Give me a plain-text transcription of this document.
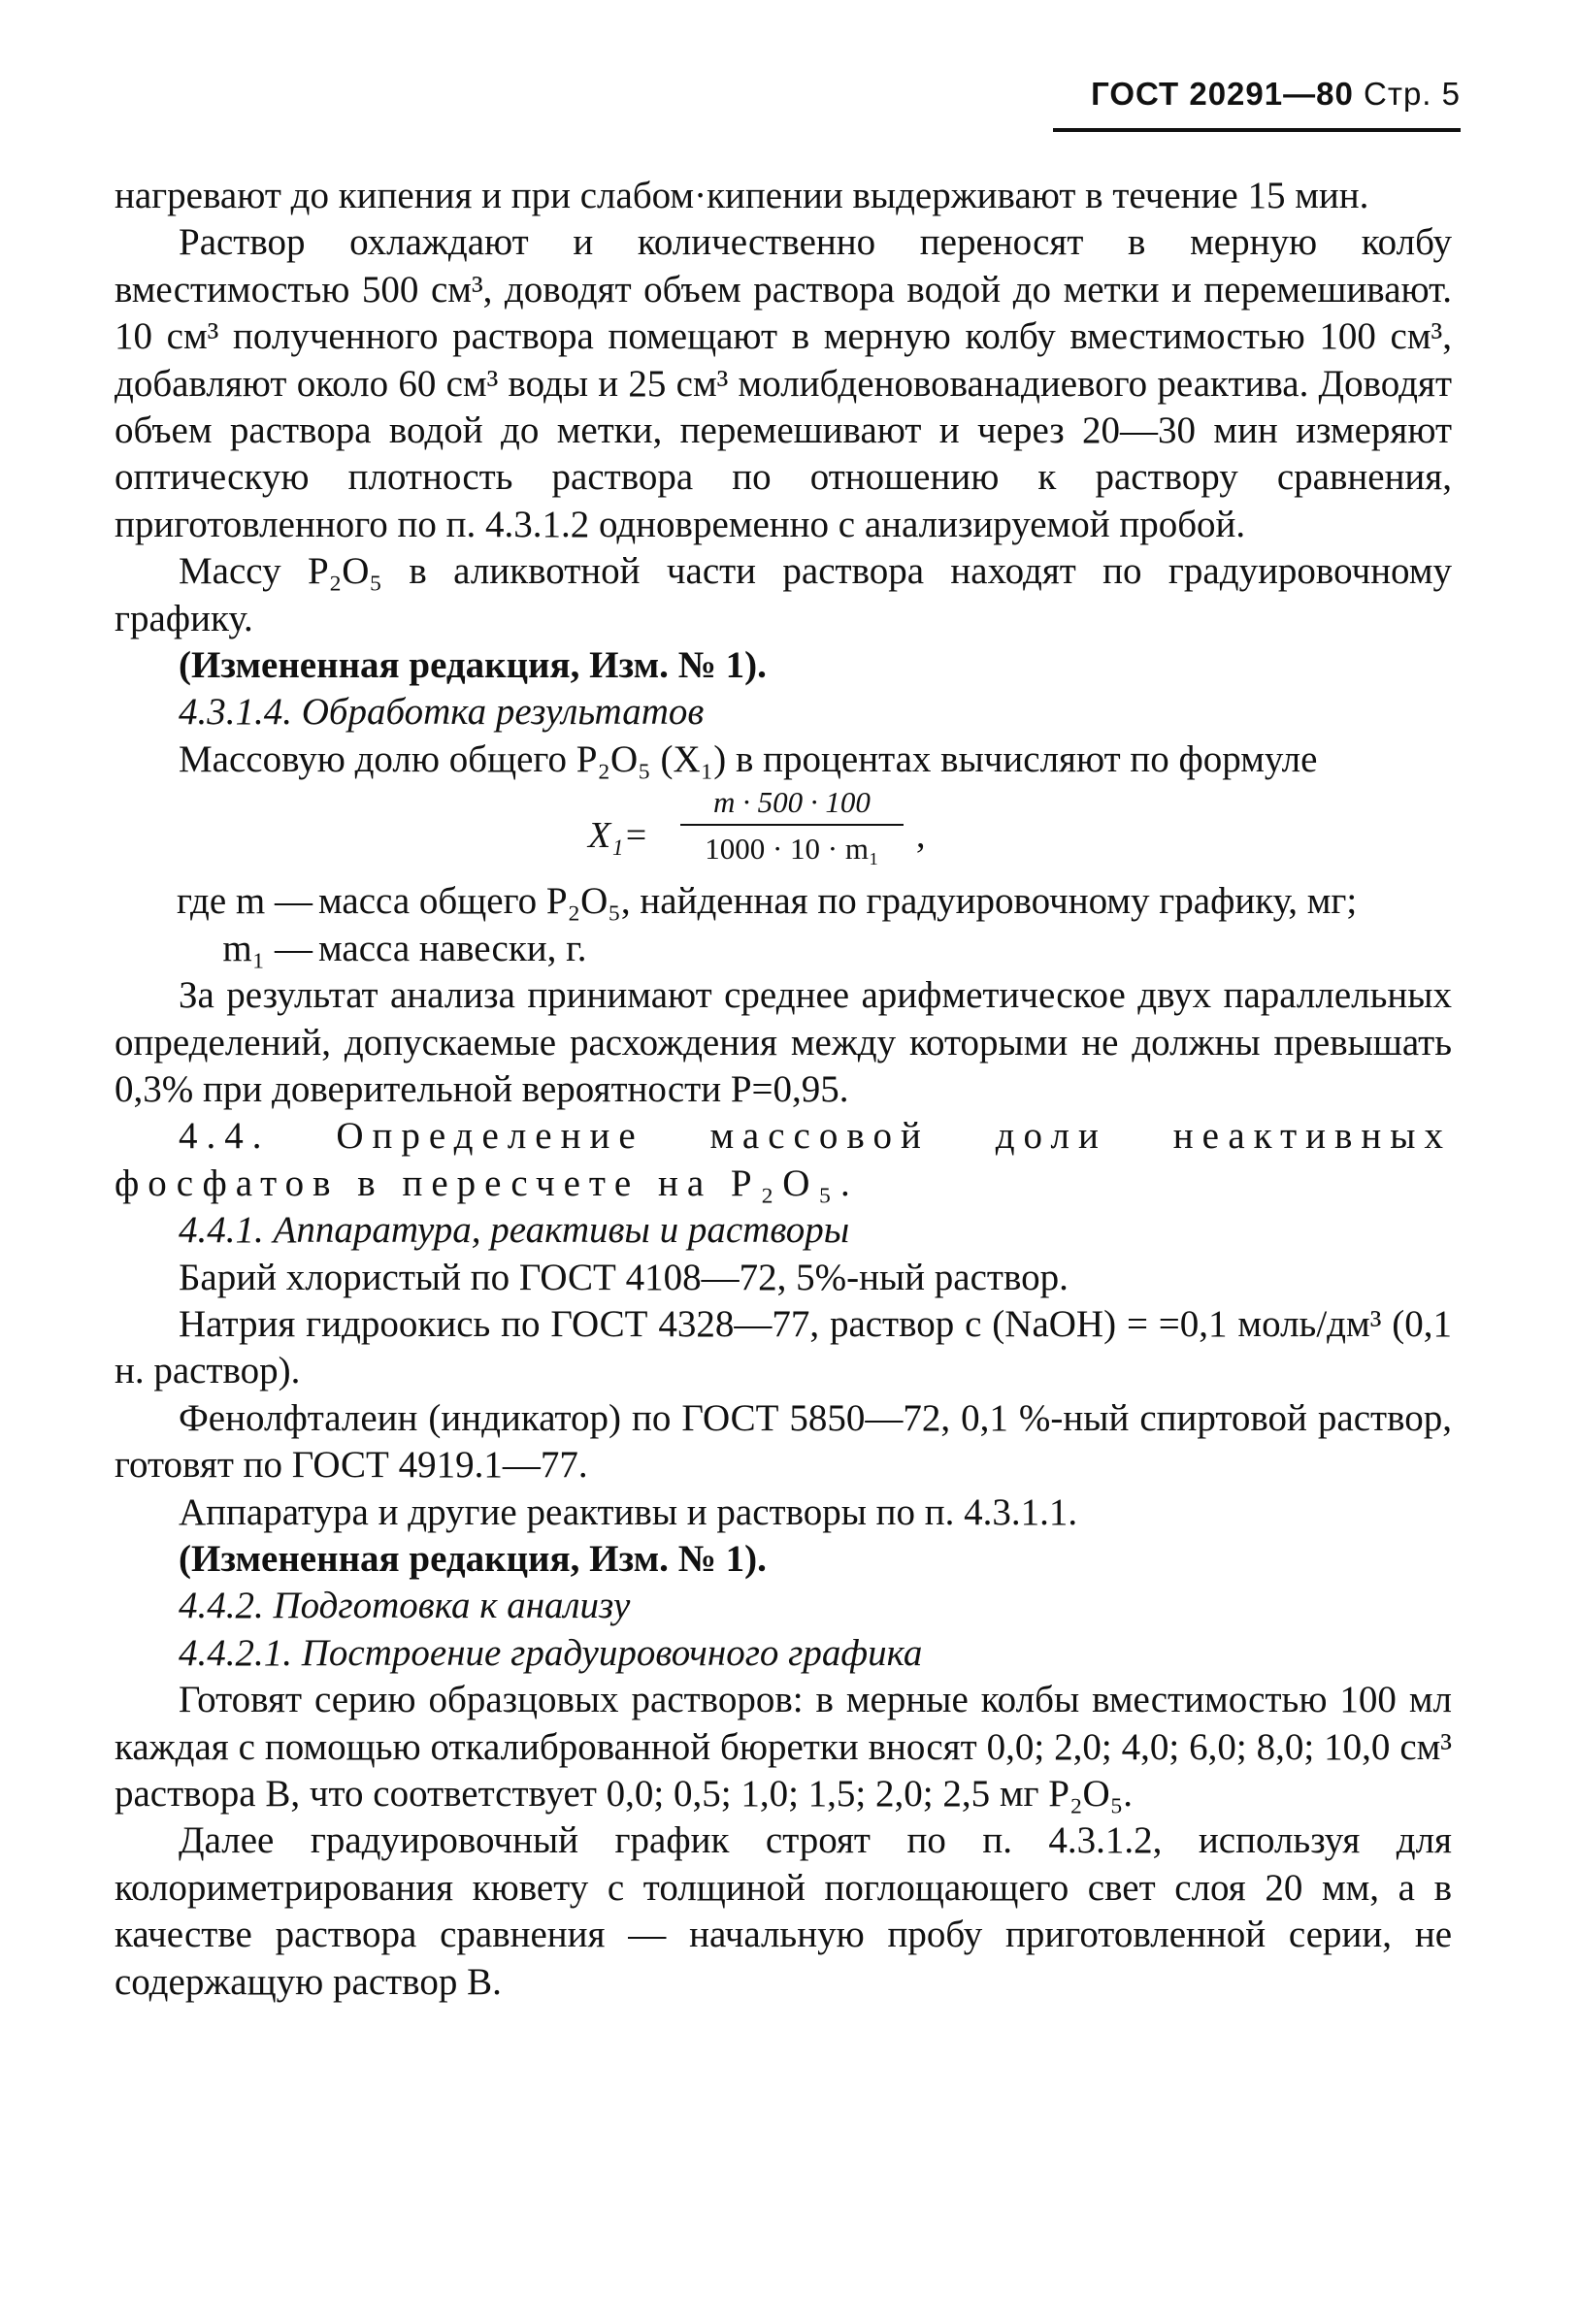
ГОСТ 20291—80 Стр. 5

нагревают до кипения и при слабом·кипении выдерживают в течение 15 мин.

Раствор охлаждают и количественно переносят в мерную колбу вместимостью 500 см³, доводят объем раствора водой до метки и перемешивают. 10 см³ полученного раствора помещают в мерную колбу вместимостью 100 см³, добавляют около 60 см³ воды и 25 см³ молибденовованадиевого реактива. Доводят объем раствора водой до метки, перемешивают и через 20—30 мин измеряют оптическую плотность раствора по отношению к раствору сравнения, приготовленного по п. 4.3.1.2 одновременно с анализируемой пробой.

Массу P₂O₅ в аликвотной части раствора находят по градуировочному графику.

(Измененная редакция, Изм. № 1).

4.3.1.4. Обработка результатов

Массовую долю общего P₂O₅ (X₁) в процентах вычисляют по формуле

X₁=
m · 500 · 100
1000 · 10 · m₁	,
где m — масса общего P₂O₅, найденная по градуировочному графику, мг;
m₁ — масса навески, г.

За результат анализа принимают среднее арифметическое двух параллельных определений, допускаемые расхождения между которыми не должны превышать 0,3% при доверительной вероятности P=0,95.

4.4. Определение массовой доли неактивных фосфатов в пересчете на P₂O₅.

4.4.1. Аппаратура, реактивы и растворы

Барий хлористый по ГОСТ 4108—72, 5%-ный раствор.

Натрия гидроокись по ГОСТ 4328—77, раствор с (NaOH) = =0,1 моль/дм³ (0,1 н. раствор).

Фенолфталеин (индикатор) по ГОСТ 5850—72, 0,1 %-ный спиртовой раствор, готовят по ГОСТ 4919.1—77.

Аппаратура и другие реактивы и растворы по п. 4.3.1.1.

(Измененная редакция, Изм. № 1).

4.4.2. Подготовка к анализу

4.4.2.1. Построение градуировочного графика

Готовят серию образцовых растворов: в мерные колбы вместимостью 100 мл каждая с помощью откалиброванной бюретки вносят 0,0; 2,0; 4,0; 6,0; 8,0; 10,0 см³ раствора В, что соответствует 0,0; 0,5; 1,0; 1,5; 2,0; 2,5 мг P₂O₅.

Далее градуировочный график строят по п. 4.3.1.2, используя для колориметрирования кювету с толщиной поглощающего свет слоя 20 мм, а в качестве раствора сравнения — начальную пробу приготовленной серии, не содержащую раствор В.
